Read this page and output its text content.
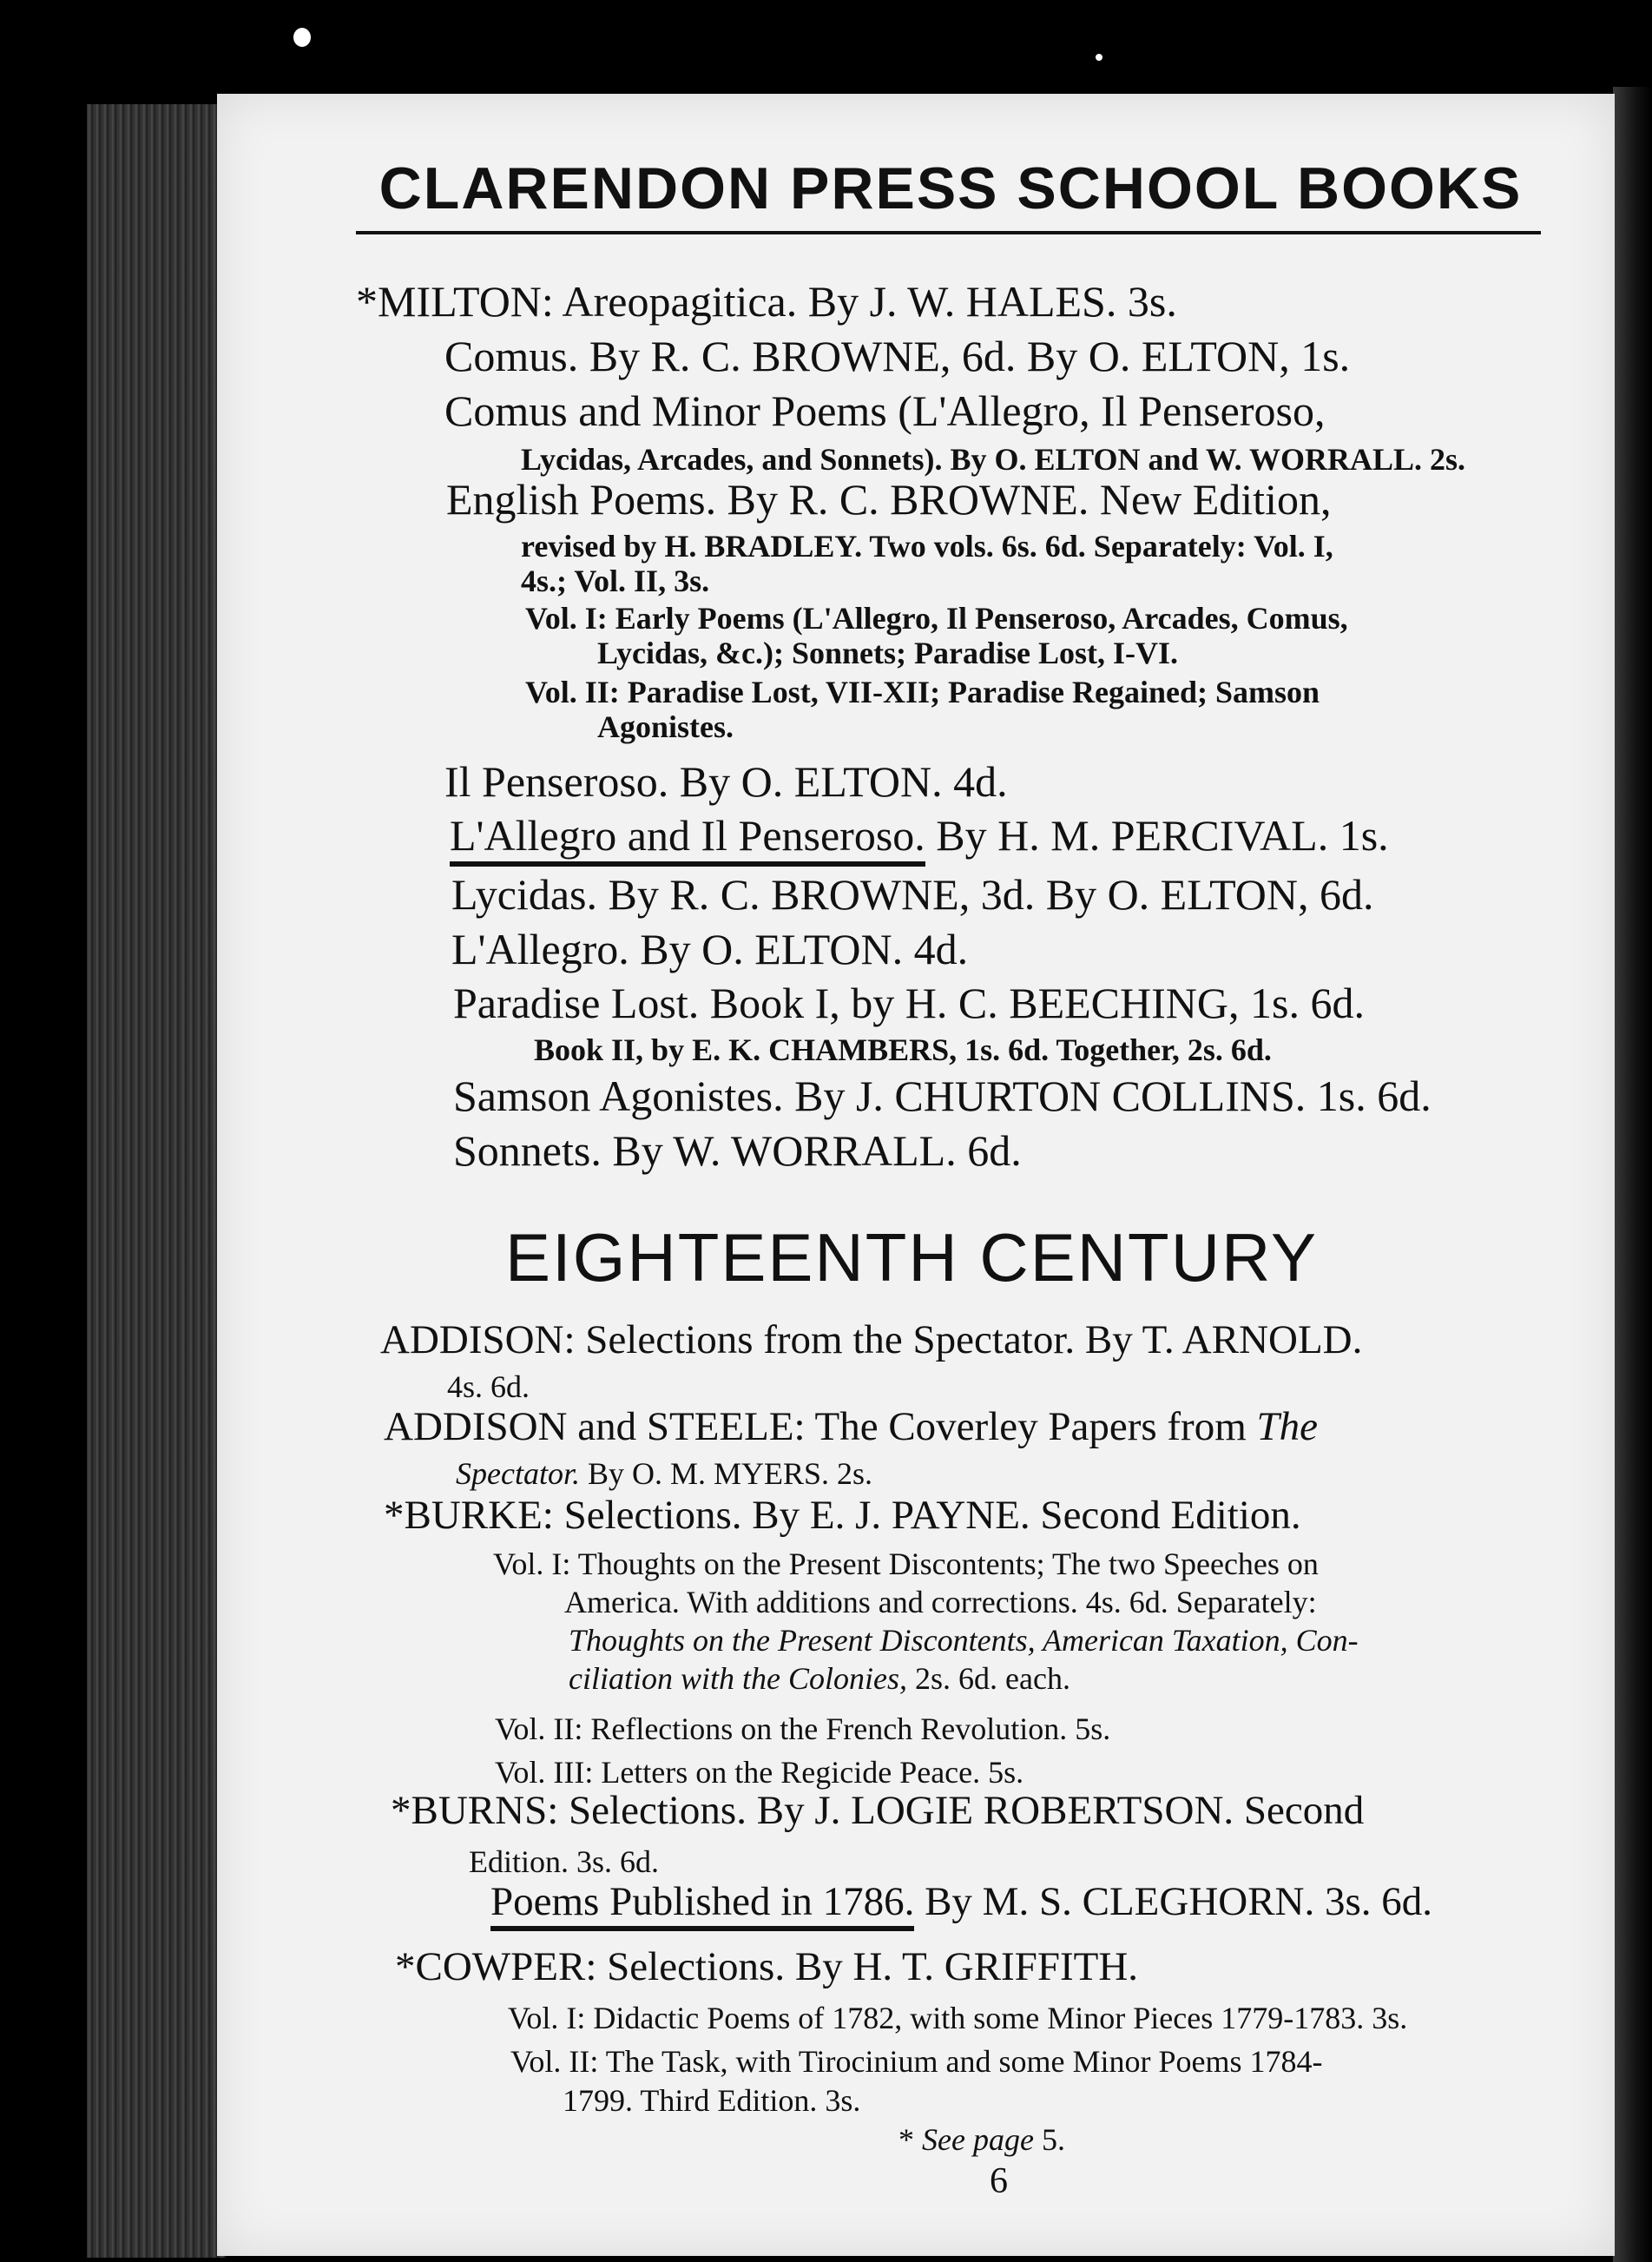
CLARENDON PRESS SCHOOL BOOKS
*MILTON: Areopagitica. By J. W. HALES. 3s.
Comus. By R. C. BROWNE, 6d. By O. ELTON, 1s.
Comus and Minor Poems (L'Allegro, Il Penseroso,
Lycidas, Arcades, and Sonnets). By O. ELTON and W. WORRALL. 2s.
English Poems. By R. C. BROWNE. New Edition,
revised by H. BRADLEY. Two vols. 6s. 6d. Separately: Vol. I,
4s.; Vol. II, 3s.
Vol. I: Early Poems (L'Allegro, Il Penseroso, Arcades, Comus,
Lycidas, &c.); Sonnets; Paradise Lost, I-VI.
Vol. II: Paradise Lost, VII-XII; Paradise Regained; Samson
Agonistes.
Il Penseroso. By O. ELTON. 4d.
L'Allegro and Il Penseroso. By H. M. PERCIVAL. 1s.
Lycidas. By R. C. BROWNE, 3d. By O. ELTON, 6d.
L'Allegro. By O. ELTON. 4d.
Paradise Lost. Book I, by H. C. BEECHING, 1s. 6d.
Book II, by E. K. CHAMBERS, 1s. 6d. Together, 2s. 6d.
Samson Agonistes. By J. CHURTON COLLINS. 1s. 6d.
Sonnets. By W. WORRALL. 6d.
EIGHTEENTH CENTURY
ADDISON: Selections from the Spectator. By T. ARNOLD.
4s. 6d.
ADDISON and STEELE: The Coverley Papers from The
Spectator. By O. M. MYERS. 2s.
*BURKE: Selections. By E. J. PAYNE. Second Edition.
Vol. I: Thoughts on the Present Discontents; The two Speeches on
America. With additions and corrections. 4s. 6d. Separately:
Thoughts on the Present Discontents, American Taxation, Con-
ciliation with the Colonies, 2s. 6d. each.
Vol. II: Reflections on the French Revolution. 5s.
Vol. III: Letters on the Regicide Peace. 5s.
*BURNS: Selections. By J. LOGIE ROBERTSON. Second
Edition. 3s. 6d.
Poems Published in 1786. By M. S. CLEGHORN. 3s. 6d.
*COWPER: Selections. By H. T. GRIFFITH.
Vol. I: Didactic Poems of 1782, with some Minor Pieces 1779-1783. 3s.
Vol. II: The Task, with Tirocinium and some Minor Poems 1784-
1799. Third Edition. 3s.
* See page 5.
6
